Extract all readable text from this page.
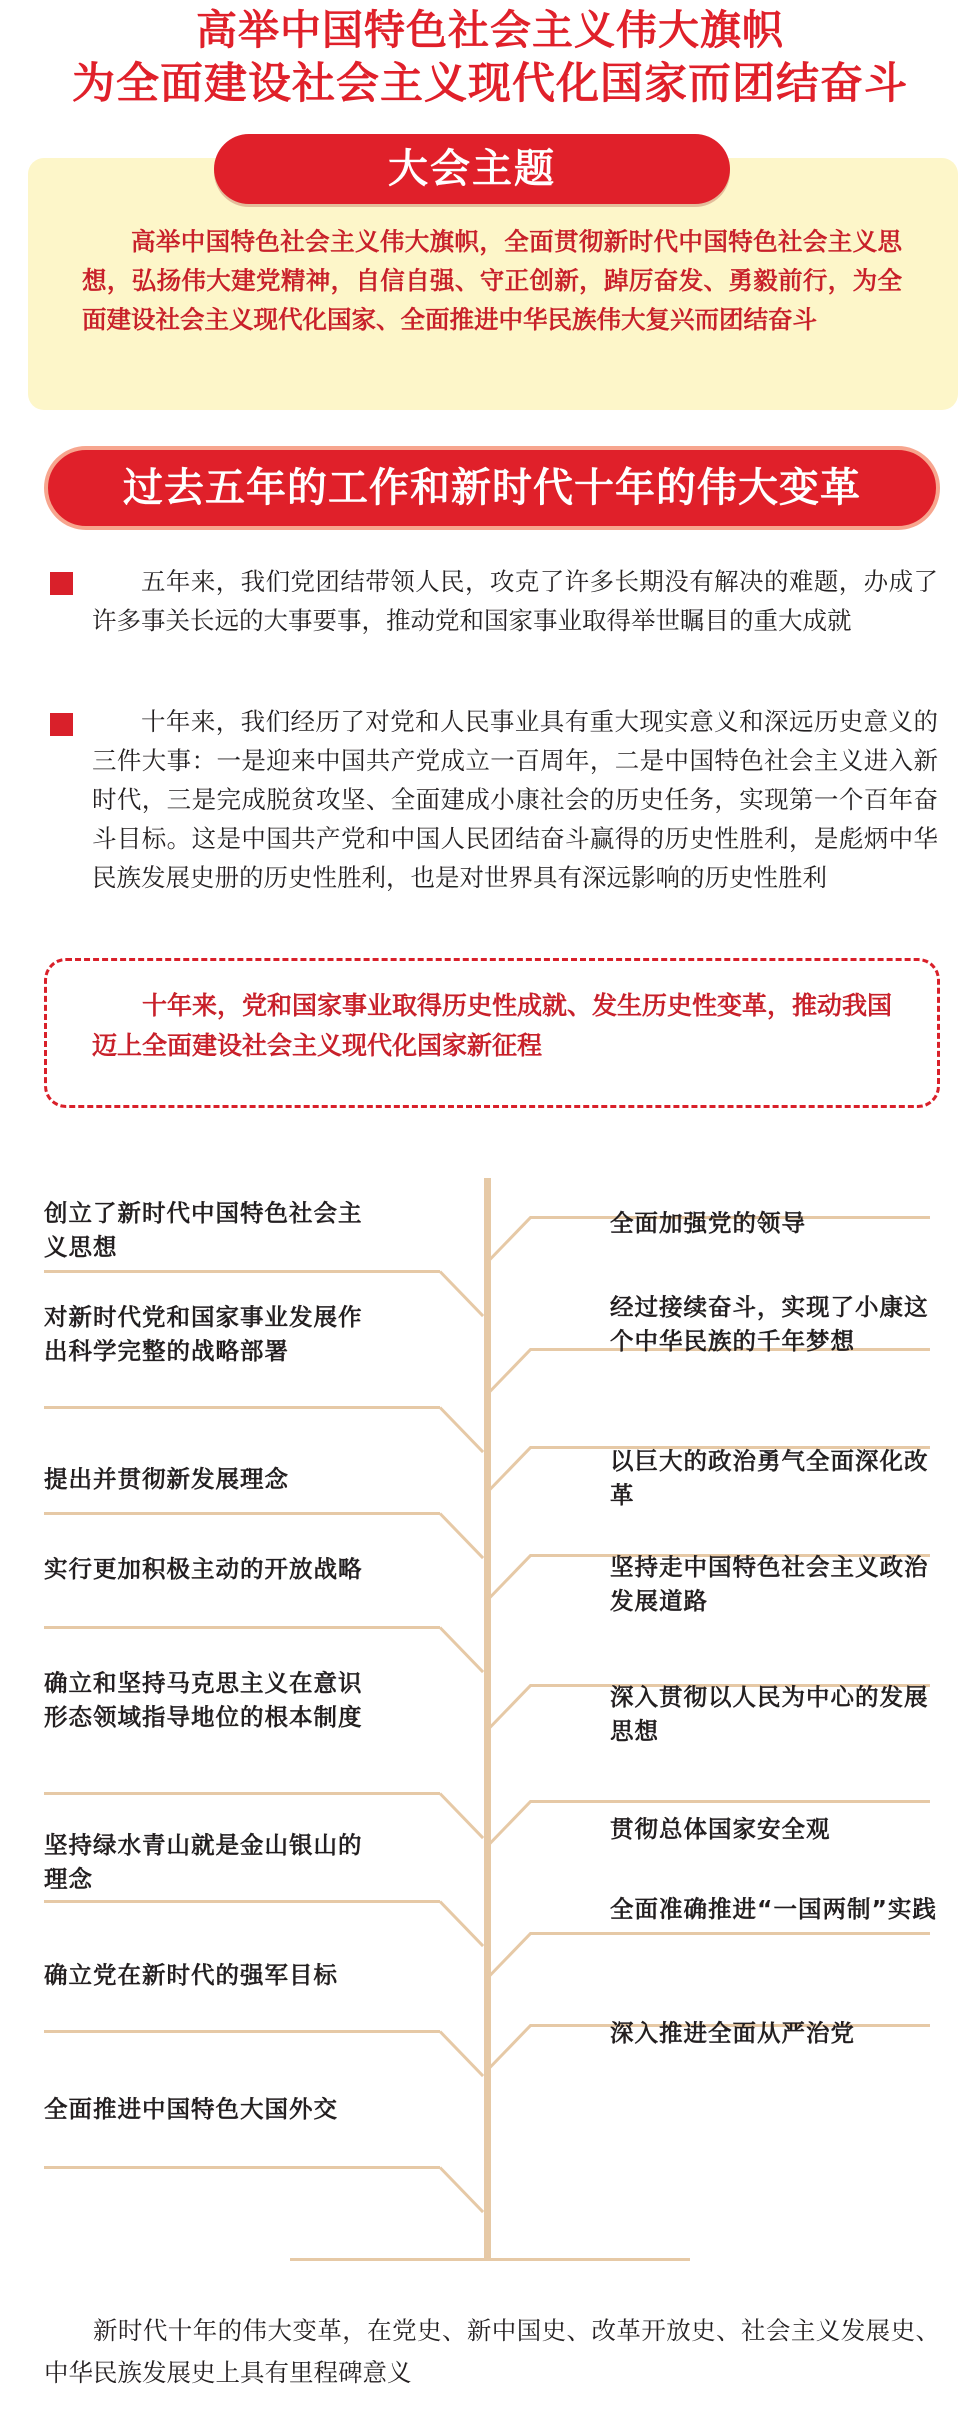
高举中国特色社会主义伟大旗帜
为全面建设社会主义现代化国家而团结奋斗
大会主题
高举中国特色社会主义伟大旗帜，全面贯彻新时代中国特色社会主义思想，弘扬伟大建党精神，自信自强、守正创新，踔厉奋发、勇毅前行，为全面建设社会主义现代化国家、全面推进中华民族伟大复兴而团结奋斗
过去五年的工作和新时代十年的伟大变革
五年来，我们党团结带领人民，攻克了许多长期没有解决的难题，办成了许多事关长远的大事要事，推动党和国家事业取得举世瞩目的重大成就
十年来，我们经历了对党和人民事业具有重大现实意义和深远历史意义的三件大事：一是迎来中国共产党成立一百周年，二是中国特色社会主义进入新时代，三是完成脱贫攻坚、全面建成小康社会的历史任务，实现第一个百年奋斗目标。这是中国共产党和中国人民团结奋斗赢得的历史性胜利，是彪炳中华民族发展史册的历史性胜利，也是对世界具有深远影响的历史性胜利
十年来，党和国家事业取得历史性成就、发生历史性变革，推动我国迈上全面建设社会主义现代化国家新征程
创立了新时代中国特色社会主义思想
对新时代党和国家事业发展作出科学完整的战略部署
提出并贯彻新发展理念
实行更加积极主动的开放战略
确立和坚持马克思主义在意识形态领域指导地位的根本制度
坚持绿水青山就是金山银山的理念
确立党在新时代的强军目标
全面推进中国特色大国外交
全面加强党的领导
经过接续奋斗，实现了小康这个中华民族的千年梦想
以巨大的政治勇气全面深化改革
坚持走中国特色社会主义政治发展道路
深入贯彻以人民为中心的发展思想
贯彻总体国家安全观
全面准确推进“一国两制”实践
深入推进全面从严治党
新时代十年的伟大变革，在党史、新中国史、改革开放史、社会主义发展史、中华民族发展史上具有里程碑意义
